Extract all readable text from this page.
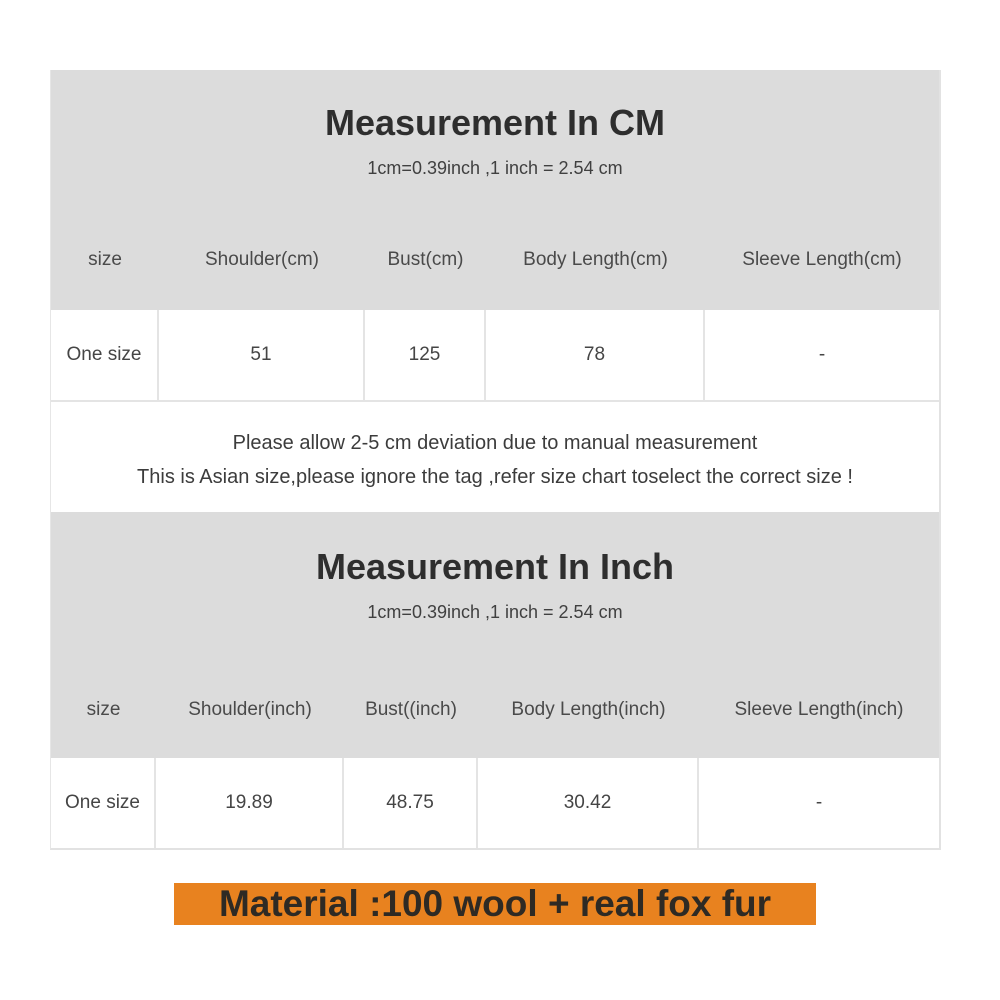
Measurement In CM
1cm=0.39inch ,1 inch = 2.54 cm
size	Shoulder(cm)	Bust(cm)	Body Length(cm)	Sleeve Length(cm)
One size	51	125	78	-
Please allow 2-5 cm deviation due to manual measurement
This is Asian size,please ignore the tag ,refer size chart toselect the correct size !
Measurement In Inch
1cm=0.39inch ,1 inch = 2.54 cm
size	Shoulder(inch)	Bust((inch)	Body Length(inch)	Sleeve Length(inch)
One size	19.89	48.75	30.42	-
Material :100 wool + real fox fur
